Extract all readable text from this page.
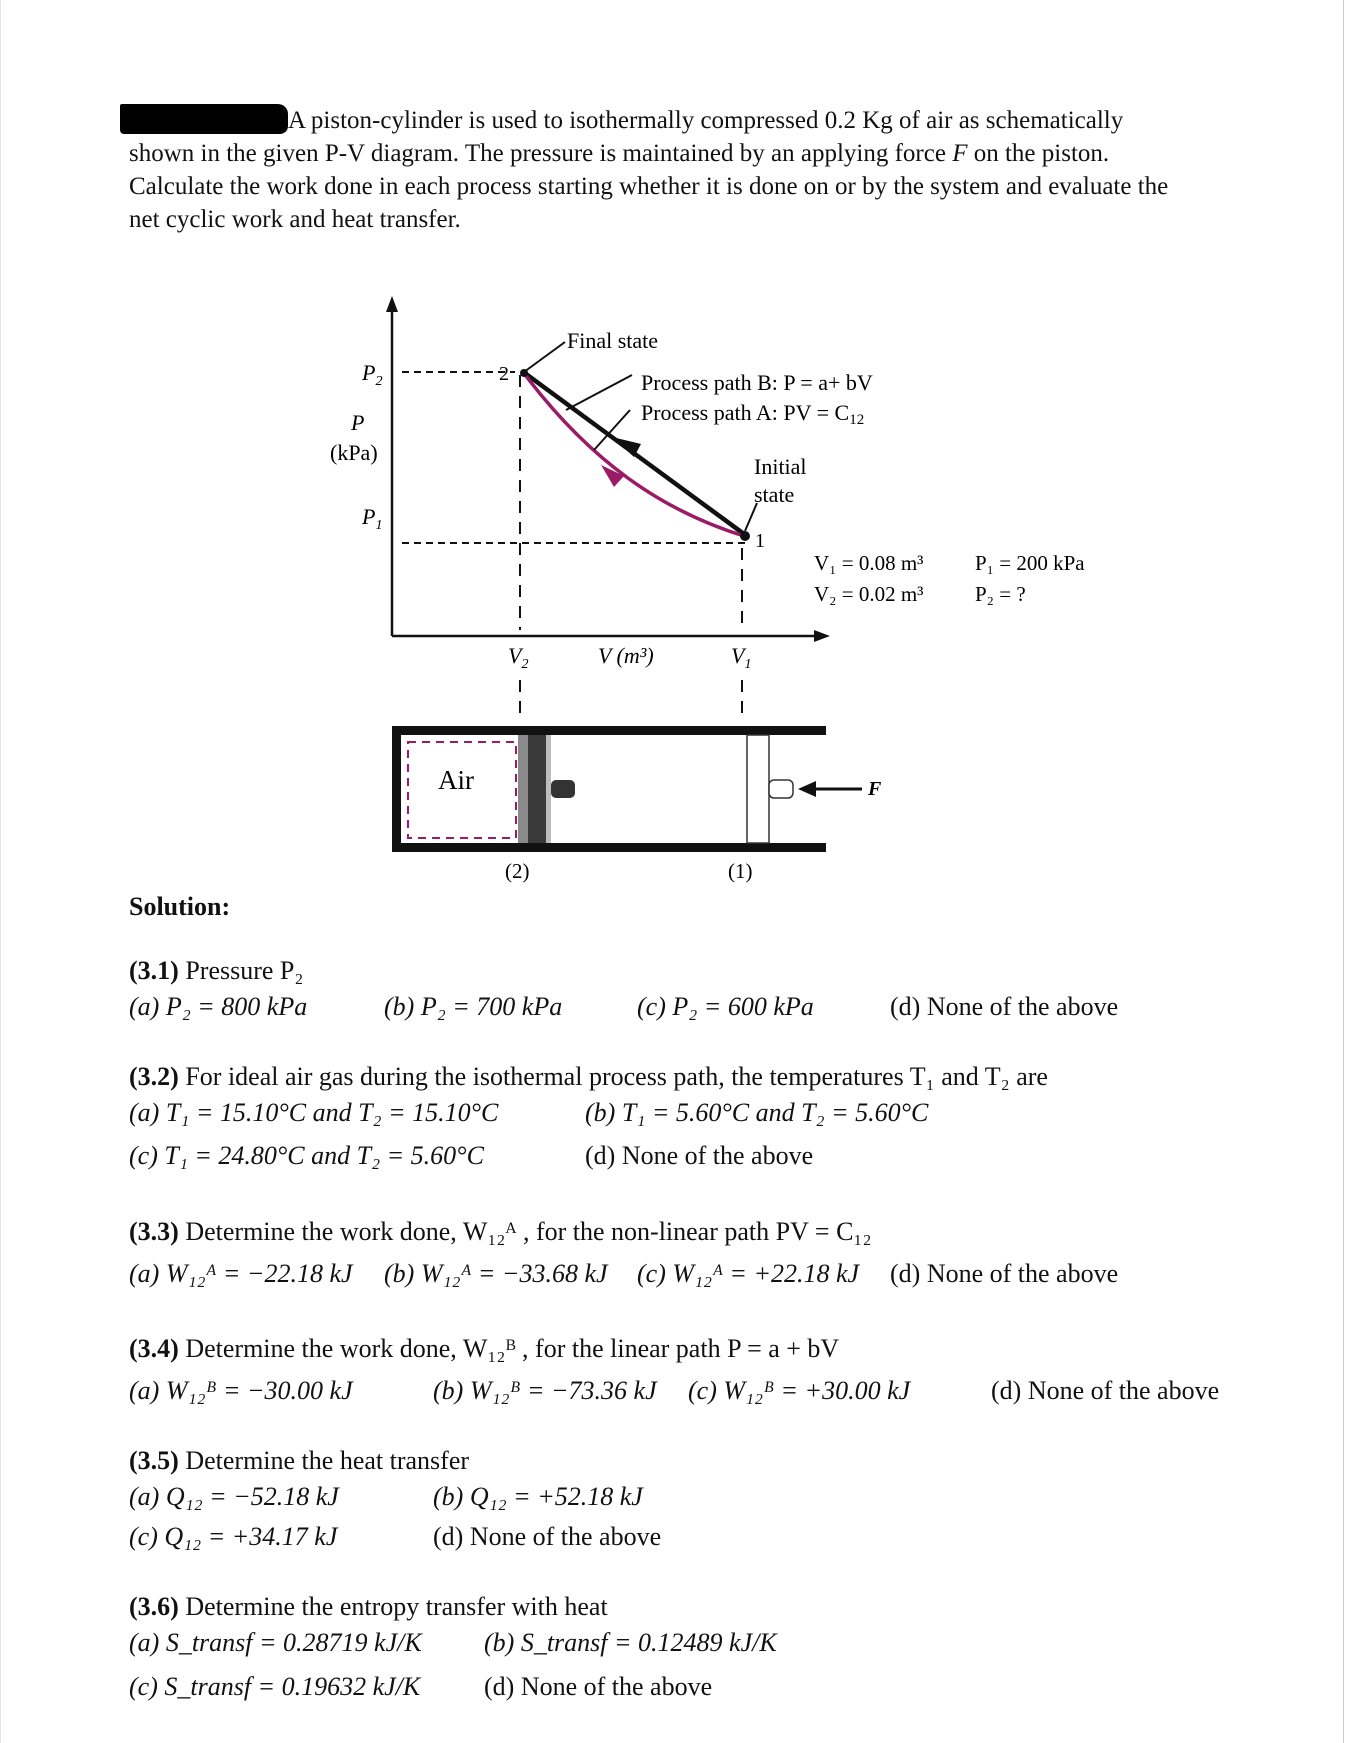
A piston-cylinder is used to isothermally compressed 0.2 Kg of air as schematically
shown in the given P-V diagram. The pressure is maintained by an applying force F on the piston.
Calculate the work done in each process starting whether it is done on or by the system and evaluate the
net cyclic work and heat transfer.
Final state
Process path B: P = a+ bV
Process path A: PV = C12
Initial
state
$P_2$
P
(kPa)
$P_1$
2
1
$V_2$	V (m³)	$V_1$
V₁ = 0.08 m³
V₂ = 0.02 m³
P₁ = 200 kPa
P₂ = ?
Air	F
(2)	(1)
Solution:
(3.1) Pressure P₂
(a) P₂ = 800 kPa	(b) P₂ = 700 kPa	(c) P₂ = 600 kPa	(d) None of the above
(3.2) For ideal air gas during the isothermal process path, the temperatures T₁ and T₂ are
(a) T₁ = 15.10°C and T₂ = 15.10°C	(b) T₁ = 5.60°C and T₂ = 5.60°C
(c) T₁ = 24.80°C and T₂ = 5.60°C	(d) None of the above
(3.3) Determine the work done, W₁₂ᴬ , for the non-linear path PV = C₁₂
(a) W₁₂ᴬ = −22.18 kJ (b) W₁₂ᴬ = −33.68 kJ (c) W₁₂ᴬ = +22.18 kJ (d) None of the above
(3.4) Determine the work done, W₁₂ᴮ , for the linear path P = a + bV
(a) W₁₂ᴮ = −30.00 kJ	(b) W₁₂ᴮ = −73.36 kJ (c) W₁₂ᴮ = +30.00 kJ	(d) None of the above
(3.5) Determine the heat transfer
(a) Q₁₂ = −52.18 kJ	(b) Q₁₂ = +52.18 kJ
(c) Q₁₂ = +34.17 kJ	(d) None of the above
(3.6) Determine the entropy transfer with heat
(a) S_transf = 0.28719 kJ/K (b) S_transf = 0.12489 kJ/K
(c) S_transf = 0.19632 kJ/K (d) None of the above
